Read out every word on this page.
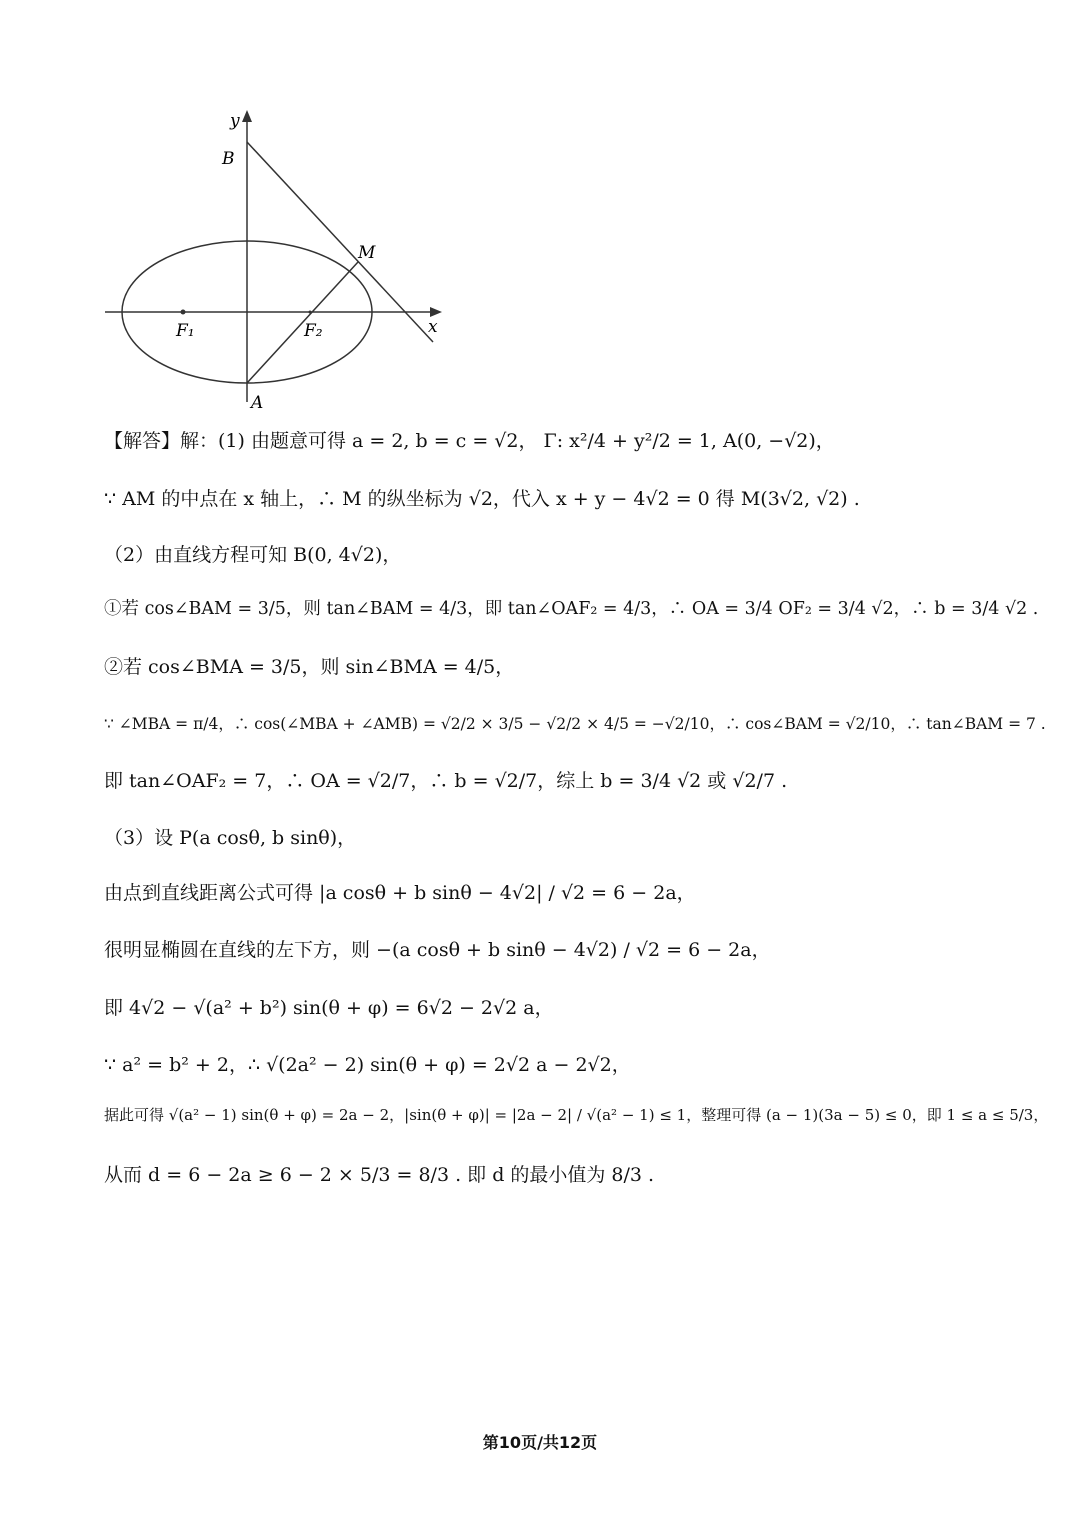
y
x
B
M
F₁	F₂
A
【解答】解：(1) 由题意可得 a = 2, b = c = √2， Γ: x²/4 + y²/2 = 1, A(0, −√2)，
∵ AM 的中点在 x 轴上，∴ M 的纵坐标为 √2，代入 x + y − 4√2 = 0 得 M(3√2, √2) .
（2）由直线方程可知 B(0, 4√2)，
①若 cos∠BAM = 3/5，则 tan∠BAM = 4/3，即 tan∠OAF₂ = 4/3，∴ OA = 3/4 OF₂ = 3/4 √2，∴ b = 3/4 √2 .
②若 cos∠BMA = 3/5，则 sin∠BMA = 4/5，
∵ ∠MBA = π/4，∴ cos(∠MBA + ∠AMB) = √2/2 × 3/5 − √2/2 × 4/5 = −√2/10，∴ cos∠BAM = √2/10，∴ tan∠BAM = 7 .
即 tan∠OAF₂ = 7，∴ OA = √2/7，∴ b = √2/7，综上 b = 3/4 √2 或 √2/7 .
（3）设 P(a cosθ, b sinθ)，
由点到直线距离公式可得 |a cosθ + b sinθ − 4√2| / √2 = 6 − 2a，
很明显椭圆在直线的左下方，则 −(a cosθ + b sinθ − 4√2) / √2 = 6 − 2a，
即 4√2 − √(a² + b²) sin(θ + φ) = 6√2 − 2√2 a，
∵ a² = b² + 2，∴ √(2a² − 2) sin(θ + φ) = 2√2 a − 2√2，
据此可得 √(a² − 1) sin(θ + φ) = 2a − 2，|sin(θ + φ)| = |2a − 2| / √(a² − 1) ≤ 1，整理可得 (a − 1)(3a − 5) ≤ 0，即 1 ≤ a ≤ 5/3，
从而 d = 6 − 2a ≥ 6 − 2 × 5/3 = 8/3 . 即 d 的最小值为 8/3 .
第10页/共12页
